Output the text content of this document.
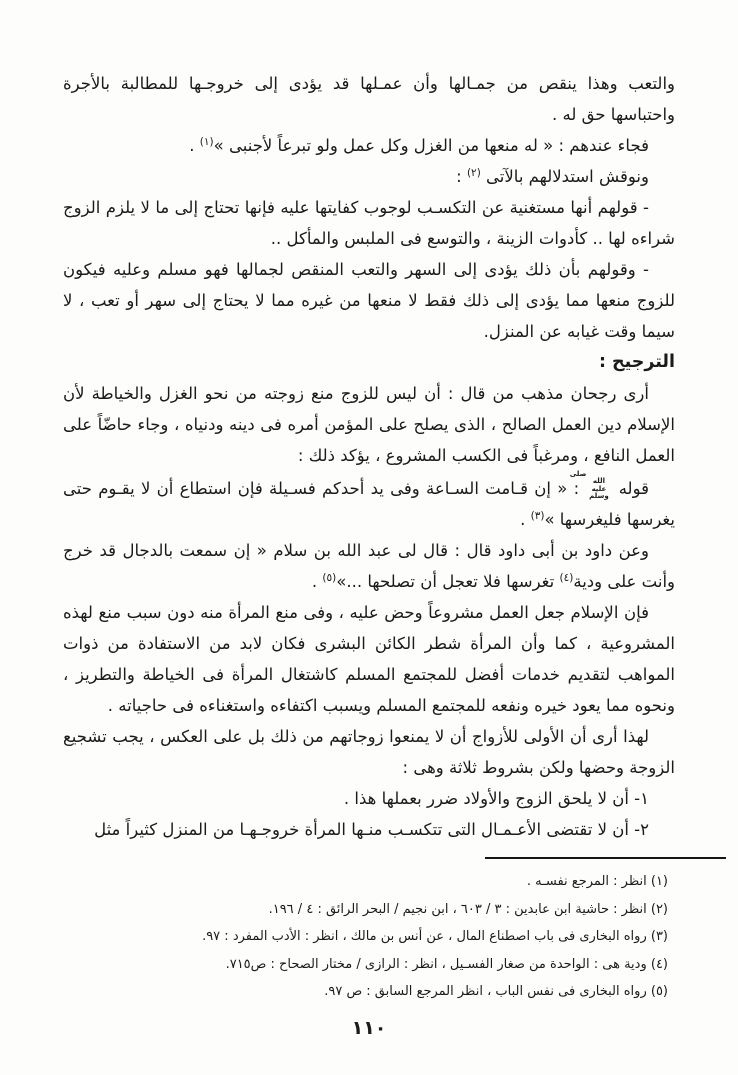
والتعب وهذا ينقص من جمـالها وأن عمـلها قد يؤدى إلى خروجـها للمطالبة بالأجرة واحتباسها حق له .

فجاء عندهم : « له منعها من الغزل وكل عمل ولو تبرعاً لأجنبى »$^{(١)}$ .

ونوقش استدلالهم بالآتى $^{(٢)}$ :

- قولهم أنها مستغنية عن التكسـب لوجوب كفايتها عليه فإنها تحتاج إلى ما لا يلزم الزوج شراءه لها .. كأدوات الزينة ، والتوسع فى الملبس والمأكل ..

- وقولهم بأن ذلك يؤدى إلى السهر والتعب المنقص لجمالها فهو مسلم وعليه فيكون للزوج منعها مما يؤدى إلى ذلك فقط لا منعها من غيره مما لا يحتاج إلى سهر أو تعب ، لا سيما وقت غيابه عن المنزل.

الترجيح :

أرى رجحان مذهب من قال : أن ليس للزوج منع زوجته من نحو الغزل والخياطة لأن الإسلام دين العمل الصالح ، الذى يصلح على المؤمن أمره فى دينه ودنياه ، وجاء حاضّاً على العمل النافع ، ومرغباً فى الكسب المشروع ، يؤكد ذلك :

قوله صلى الله عليه وسلم : « إن قـامت السـاعة وفى يد أحدكم فسـيلة فإن استطاع أن لا يقـوم حتى يغرسها فليغرسها »$^{(٣)}$ .

وعن داود بن أبى داود قال : قال لى عبد الله بن سلام « إن سمعت بالدجال قد خرج وأنت على ودية$^{(٤)}$ تغرسها فلا تعجل أن تصلحها ...»$^{(٥)}$ .

فإن الإسلام جعل العمل مشروعاً وحض عليه ، وفى منع المرأة منه دون سبب منع لهذه المشروعية ، كما وأن المرأة شطر الكائن البشرى فكان لابد من الاستفادة من ذوات المواهب لتقديم خدمات أفضل للمجتمع المسلم كاشتغال المرأة فى الخياطة والتطريز ، ونحوه مما يعود خيره ونفعه للمجتمع المسلم ويسبب اكتفاءه واستغناءه فى حاجياته .

لهذا أرى أن الأولى للأزواج أن لا يمنعوا زوجاتهم من ذلك بل على العكس ، يجب تشجيع الزوجة وحضها ولكن بشروط ثلاثة وهى :

١- أن لا يلحق الزوج والأولاد ضرر بعملها هذا .

٢- أن لا تقتضى الأعـمـال التى تتكسـب منـها المرأة خروجـهـا من المنزل كثيراً مثل

(١) انظر : المرجع نفسـه .

(٢) انظر : حاشية ابن عابدين : ٣ / ٦٠٣ ، ابن نجيم / البحر الرائق : ٤ / ١٩٦.

(٣) رواه البخارى فى باب اصطناع المال ، عن أنس بن مالك ، انظر : الأدب المفرد : ٩٧.

(٤) ودية هى : الواحدة من صغار الفسـيل ، انظر : الرازى / مختار الصحاح : ص٧١٥.

(٥) رواه البخارى فى نفس الباب ، انظر المرجع السابق : ص ٩٧.

١١٠
